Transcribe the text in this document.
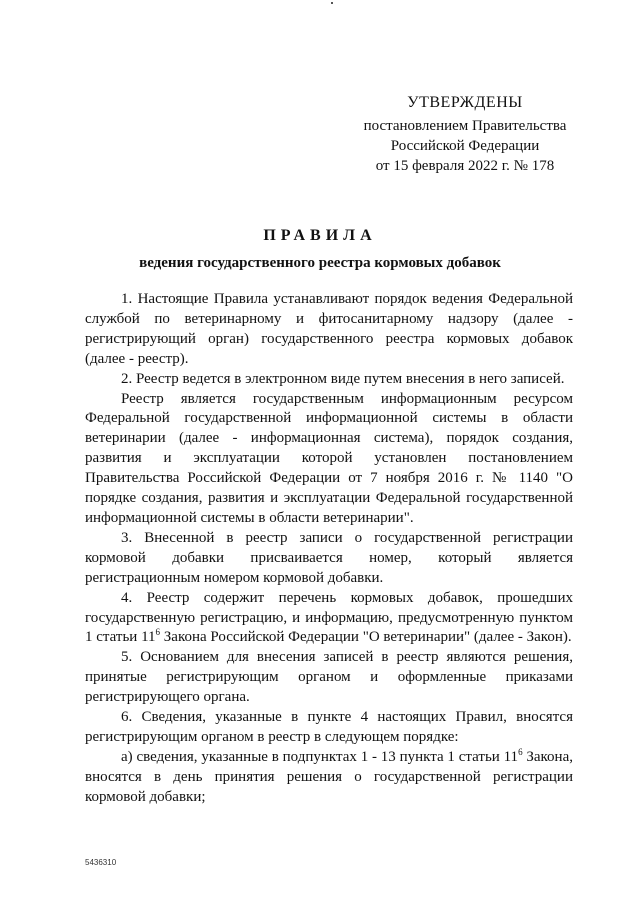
УТВЕРЖДЕНЫ
постановлением Правительства
Российской Федерации
от 15 февраля 2022 г. № 178
ПРАВИЛА
ведения государственного реестра кормовых добавок

1. Настоящие Правила устанавливают порядок ведения Федеральной службой по ветеринарному и фитосанитарному надзору (далее - регистрирующий орган) государственного реестра кормовых добавок (далее - реестр).

2. Реестр ведется в электронном виде путем внесения в него записей.

Реестр является государственным информационным ресурсом Федеральной государственной информационной системы в области ветеринарии (далее - информационная система), порядок создания, развития и эксплуатации которой установлен постановлением Правительства Российской Федерации от 7 ноября 2016 г. № 1140 "О порядке создания, развития и эксплуатации Федеральной государственной информационной системы в области ветеринарии".

3. Внесенной в реестр записи о государственной регистрации кормовой добавки присваивается номер, который является регистрационным номером кормовой добавки.

4. Реестр содержит перечень кормовых добавок, прошедших государственную регистрацию, и информацию, предусмотренную пунктом 1 статьи $11^6$ Закона Российской Федерации "О ветеринарии" (далее - Закон).

5. Основанием для внесения записей в реестр являются решения, принятые регистрирующим органом и оформленные приказами регистрирующего органа.

6. Сведения, указанные в пункте 4 настоящих Правил, вносятся регистрирующим органом в реестр в следующем порядке:

а) сведения, указанные в подпунктах 1 - 13 пункта 1 статьи $11^6$ Закона, вносятся в день принятия решения о государственной регистрации кормовой добавки;

5436310
